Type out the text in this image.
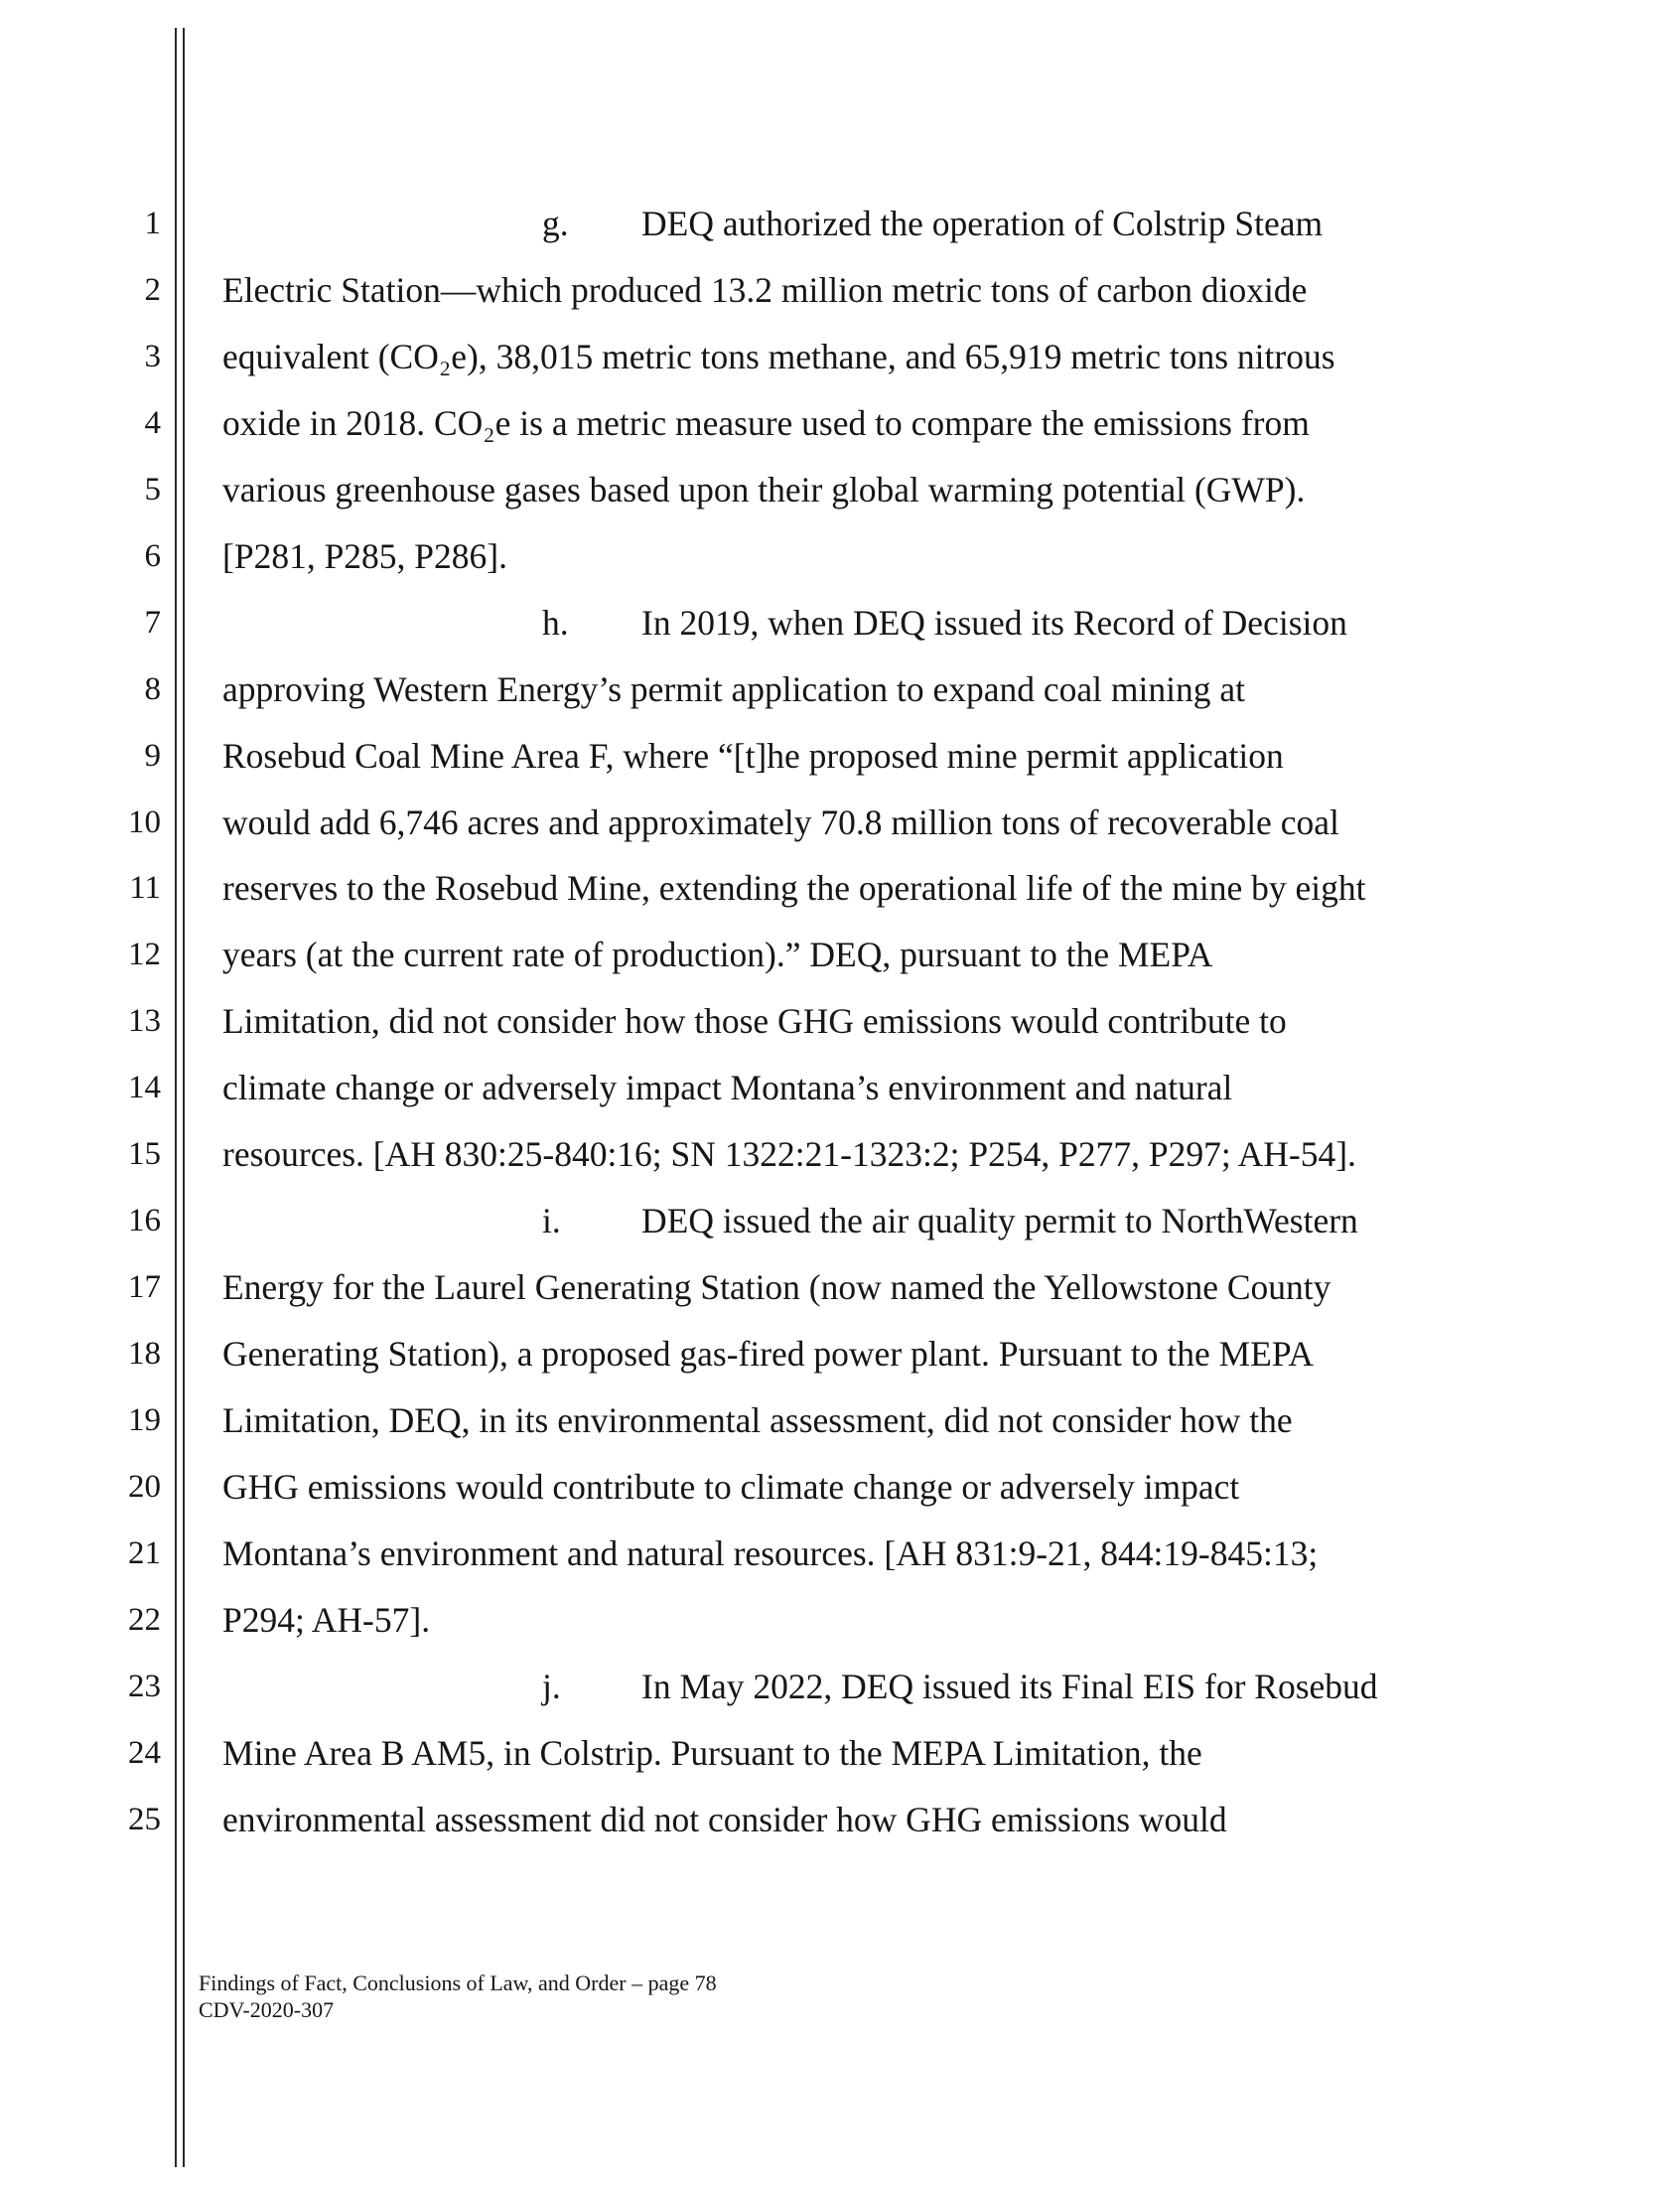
1
2
3
4
5
6
7
8
9
10
11
12
13
14
15
16
17
18
19
20
21
22
23
24
25
g. DEQ authorized the operation of Colstrip Steam
Electric Station—which produced 13.2 million metric tons of carbon dioxide
equivalent (CO₂e), 38,015 metric tons methane, and 65,919 metric tons nitrous
oxide in 2018. CO₂e is a metric measure used to compare the emissions from
various greenhouse gases based upon their global warming potential (GWP).
[P281, P285, P286].
h. In 2019, when DEQ issued its Record of Decision
approving Western Energy’s permit application to expand coal mining at
Rosebud Coal Mine Area F, where “[t]he proposed mine permit application
would add 6,746 acres and approximately 70.8 million tons of recoverable coal
reserves to the Rosebud Mine, extending the operational life of the mine by eight
years (at the current rate of production).” DEQ, pursuant to the MEPA
Limitation, did not consider how those GHG emissions would contribute to
climate change or adversely impact Montana’s environment and natural
resources. [AH 830:25-840:16; SN 1322:21-1323:2; P254, P277, P297; AH-54].
i. DEQ issued the air quality permit to NorthWestern
Energy for the Laurel Generating Station (now named the Yellowstone County
Generating Station), a proposed gas-fired power plant. Pursuant to the MEPA
Limitation, DEQ, in its environmental assessment, did not consider how the
GHG emissions would contribute to climate change or adversely impact
Montana’s environment and natural resources. [AH 831:9-21, 844:19-845:13;
P294; AH-57].
j. In May 2022, DEQ issued its Final EIS for Rosebud
Mine Area B AM5, in Colstrip. Pursuant to the MEPA Limitation, the
environmental assessment did not consider how GHG emissions would
Findings of Fact, Conclusions of Law, and Order – page 78
CDV-2020-307
